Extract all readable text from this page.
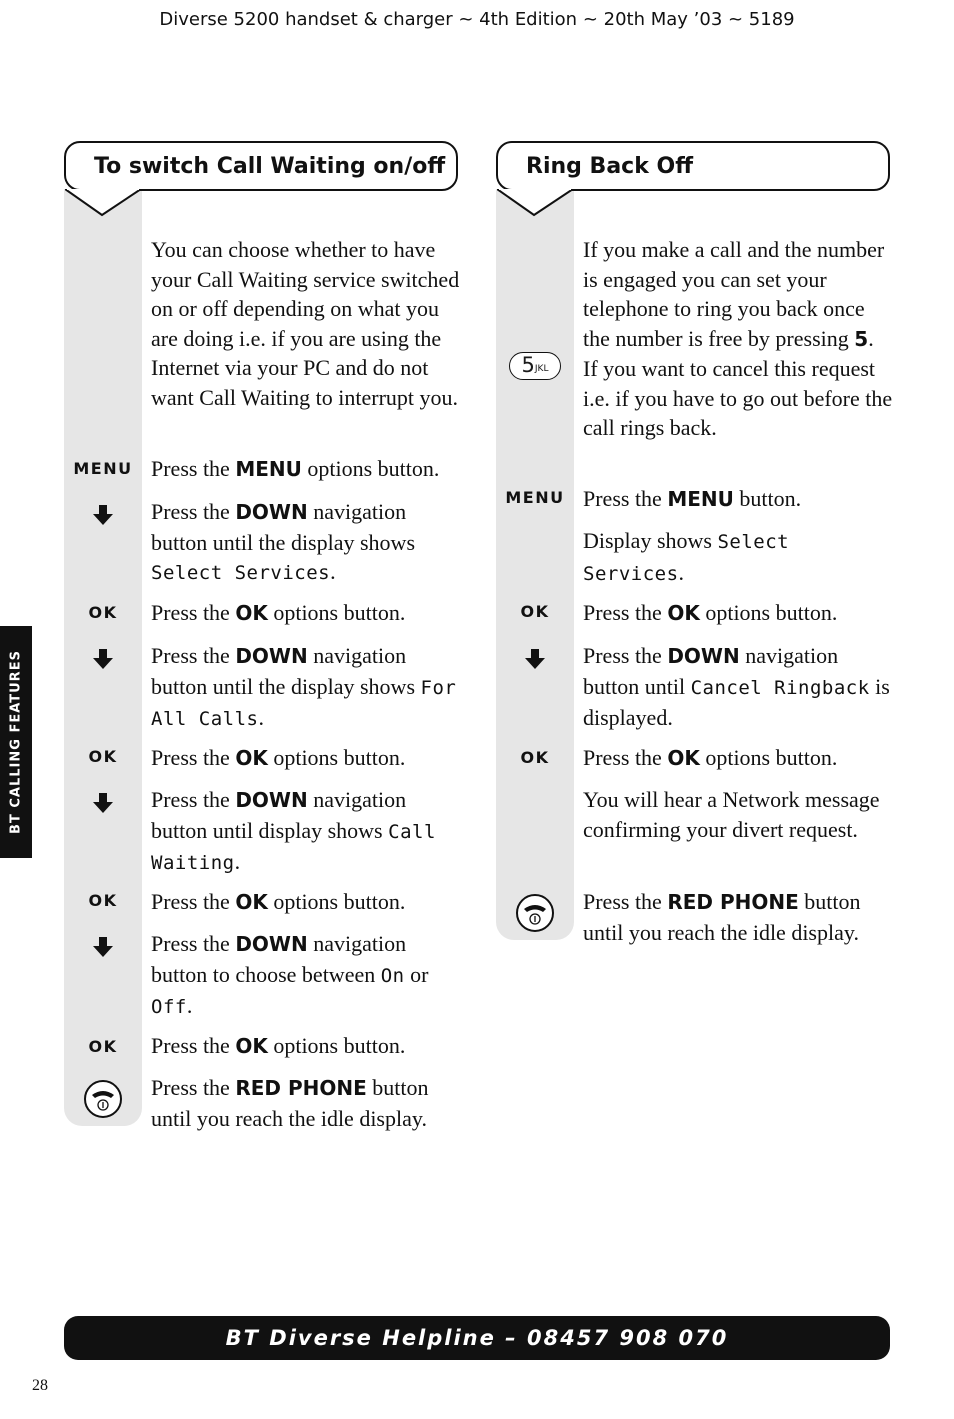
Diverse 5200 handset & charger ~ 4th Edition ~ 20th May ’03 ~ 5189
To switch Call Waiting on/off
You can choose whether to have your Call Waiting service switched on or off depending on what you are doing i.e. if you are using the Internet via your PC and do not want Call Waiting to interrupt you.
MENU Press the MENU options button.
Press the DOWN navigation button until the display shows Select Services.
OK	Press the OK options button.
Press the DOWN navigation button until the display shows For All Calls.
OK	Press the OK options button.
Press the DOWN navigation button until display shows Call Waiting.
OK	Press the OK options button.
Press the DOWN navigation button to choose between On or Off.
OK	Press the OK options button.
Press the RED PHONE button until you reach the idle display.
Ring Back Off
5JKL
If you make a call and the number is engaged you can set your telephone to ring you back once the number is free by pressing 5. If you want to cancel this request i.e. if you have to go out before the call rings back.
MENU Press the MENU button.
Display shows Select Services.
OK	Press the OK options button.
Press the DOWN navigation button until Cancel Ringback is displayed.
OK	Press the OK options button.
You will hear a Network message confirming your divert request.
Press the RED PHONE button until you reach the idle display.
BT CALLING FEATURES
BT Diverse Helpline – 08457 908 070
28
